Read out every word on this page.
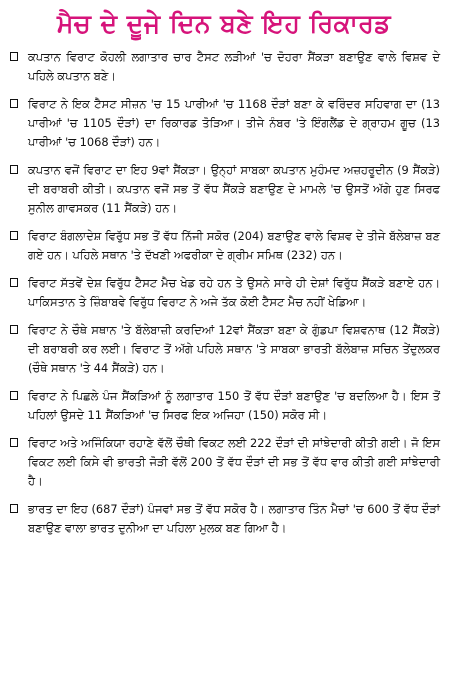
ਮੈਚ ਦੇ ਦੂਜੇ ਦਿਨ ਬਣੇ ਇਹ ਰਿਕਾਰਡ
ਕਪਤਾਨ ਵਿਰਾਟ ਕੋਹਲੀ ਲਗਾਤਾਰ ਚਾਰ ਟੈਸਟ ਲੜੀਆਂ 'ਚ ਦੋਹਰਾ ਸੈਂਕੜਾ ਬਣਾਉਣ ਵਾਲੇ ਵਿਸ਼ਵ ਦੇ ਪਹਿਲੇ ਕਪਤਾਨ ਬਣੇ।
ਵਿਰਾਟ ਨੇ ਇਕ ਟੈਸਟ ਸੀਜ਼ਨ 'ਚ 15 ਪਾਰੀਆਂ 'ਚ 1168 ਦੌੜਾਂ ਬਣਾ ਕੇ ਵਰਿੰਦਰ ਸਹਿਵਾਗ ਦਾ (13 ਪਾਰੀਆਂ 'ਚ 1105 ਦੌੜਾਂ) ਦਾ ਰਿਕਾਰਡ ਤੋੜਿਆ। ਤੀਜੇ ਨੰਬਰ 'ਤੇ ਇੰਗਲੈਂਡ ਦੇ ਗ੍ਰਾਹਮ ਗੂਚ (13 ਪਾਰੀਆਂ 'ਚ 1068 ਦੌੜਾਂ) ਹਨ।
ਕਪਤਾਨ ਵਜੋਂ ਵਿਰਾਟ ਦਾ ਇਹ 9ਵਾਂ ਸੈਂਕੜਾ। ਉਨ੍ਹਾਂ ਸਾਬਕਾ ਕਪਤਾਨ ਮੁਹੰਮਦ ਅਜ਼ਹਰੂਦੀਨ (9 ਸੈਂਕੜੇ) ਦੀ ਬਰਾਬਰੀ ਕੀਤੀ। ਕਪਤਾਨ ਵਜੋਂ ਸਭ ਤੋਂ ਵੱਧ ਸੈਂਕੜੇ ਬਣਾਉਣ ਦੇ ਮਾਮਲੇ 'ਚ ਉਸਤੋਂ ਅੱਗੇ ਹੁਣ ਸਿਰਫ ਸੁਨੀਲ ਗਾਵਸਕਰ (11 ਸੈਂਕੜੇ) ਹਨ।
ਵਿਰਾਟ ਬੰਗਲਾਦੇਸ਼ ਵਿਰੁੱਧ ਸਭ ਤੋਂ ਵੱਧ ਨਿੱਜੀ ਸਕੋਰ (204) ਬਣਾਉਣ ਵਾਲੇ ਵਿਸ਼ਵ ਦੇ ਤੀਜੇ ਬੱਲੇਬਾਜ਼ ਬਣ ਗਏ ਹਨ। ਪਹਿਲੇ ਸਥਾਨ 'ਤੇ ਦੱਖਣੀ ਅਫਰੀਕਾ ਦੇ ਗ੍ਰੀਮ ਸਮਿਥ (232) ਹਨ।
ਵਿਰਾਟ ਸੱਤਵੇਂ ਦੇਸ਼ ਵਿਰੁੱਧ ਟੈਸਟ ਮੈਚ ਖੇਡ ਰਹੇ ਹਨ ਤੇ ਉਸਨੇ ਸਾਰੇ ਹੀ ਦੇਸ਼ਾਂ ਵਿਰੁੱਧ ਸੈਂਕੜੇ ਬਣਾਏ ਹਨ। ਪਾਕਿਸਤਾਨ ਤੇ ਜ਼ਿੰਬਾਬਵੇ ਵਿਰੁੱਧ ਵਿਰਾਟ ਨੇ ਅਜੇ ਤੱਕ ਕੋਈ ਟੈਸਟ ਮੈਚ ਨਹੀਂ ਖੇਡਿਆ।
ਵਿਰਾਟ ਨੇ ਚੌਥੇ ਸਥਾਨ 'ਤੇ ਬੱਲੇਬਾਜ਼ੀ ਕਰਦਿਆਂ 12ਵਾਂ ਸੈਂਕੜਾ ਬਣਾ ਕੇ ਗੁੰਡਪਾ ਵਿਸ਼ਵਨਾਥ (12 ਸੈਂਕੜੇ) ਦੀ ਬਰਾਬਰੀ ਕਰ ਲਈ। ਵਿਰਾਟ ਤੋਂ ਅੱਗੇ ਪਹਿਲੇ ਸਥਾਨ 'ਤੇ ਸਾਬਕਾ ਭਾਰਤੀ ਬੱਲੇਬਾਜ਼ ਸਚਿਨ ਤੇਂਦੁਲਕਰ (ਚੌਥੇ ਸਥਾਨ 'ਤੇ 44 ਸੈਂਕੜੇ) ਹਨ।
ਵਿਰਾਟ ਨੇ ਪਿਛਲੇ ਪੰਜ ਸੈਂਕੜਿਆਂ ਨੂੰ ਲਗਾਤਾਰ 150 ਤੋਂ ਵੱਧ ਦੌੜਾਂ ਬਣਾਉਣ 'ਚ ਬਦਲਿਆ ਹੈ। ਇਸ ਤੋਂ ਪਹਿਲਾਂ ਉਸਦੇ 11 ਸੈਂਕੜਿਆਂ 'ਚ ਸਿਰਫ ਇਕ ਅਜਿਹਾ (150) ਸਕੋਰ ਸੀ।
ਵਿਰਾਟ ਅਤੇ ਅਜਿੰਕਿਯਾ ਰਹਾਣੇ ਵੱਲੋਂ ਚੌਥੀ ਵਿਕਟ ਲਈ 222 ਦੌੜਾਂ ਦੀ ਸਾਂਝੇਦਾਰੀ ਕੀਤੀ ਗਈ। ਜੋ ਇਸ ਵਿਕਟ ਲਈ ਕਿਸੇ ਵੀ ਭਾਰਤੀ ਜੋੜੀ ਵੱਲੋਂ 200 ਤੋਂ ਵੱਧ ਦੌੜਾਂ ਦੀ ਸਭ ਤੋਂ ਵੱਧ ਵਾਰ ਕੀਤੀ ਗਈ ਸਾਂਝੇਦਾਰੀ ਹੈ।
ਭਾਰਤ ਦਾ ਇਹ (687 ਦੌੜਾਂ) ਪੰਜਵਾਂ ਸਭ ਤੋਂ ਵੱਧ ਸਕੋਰ ਹੈ। ਲਗਾਤਾਰ ਤਿੰਨ ਮੈਚਾਂ 'ਚ 600 ਤੋਂ ਵੱਧ ਦੌੜਾਂ ਬਣਾਉਣ ਵਾਲਾ ਭਾਰਤ ਦੁਨੀਆ ਦਾ ਪਹਿਲਾ ਮੁਲਕ ਬਣ ਗਿਆ ਹੈ।
